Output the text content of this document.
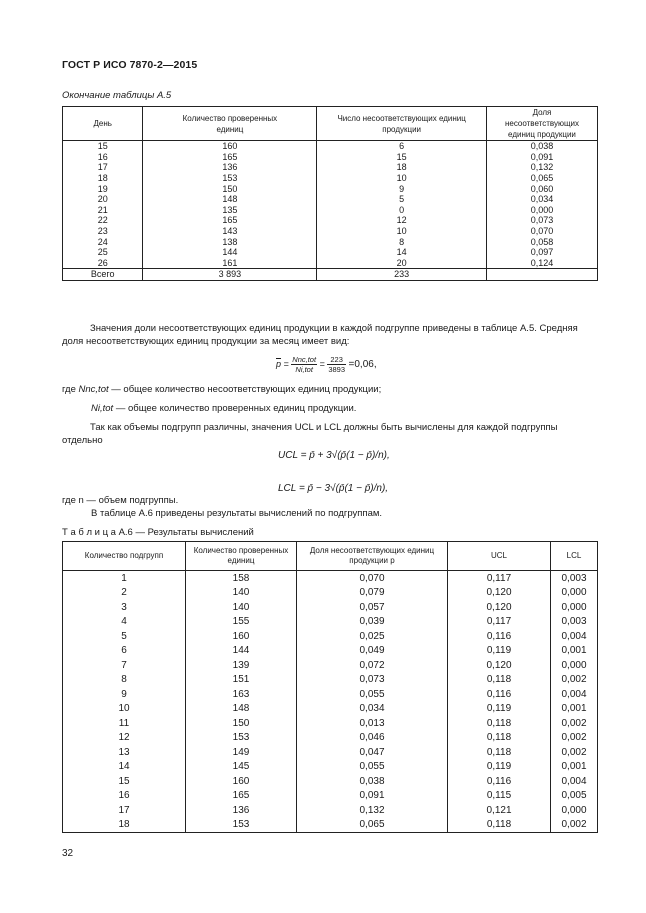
ГОСТ Р ИСО 7870-2—2015
Окончание таблицы А.5
День	Количество проверенных единиц	Число несоответствующих единиц продукции	Доля несоответствующих единиц продукции
15	160	6	0,038
16	165	15	0,091
17	136	18	0,132
18	153	10	0,065
19	150	9	0,060
20	148	5	0,034
21	135	0	0,000
22	165	12	0,073
23	143	10	0,070
24	138	8	0,058
25	144	14	0,097
26	161	20	0,124
Всего	3 893	233	
Значения доли несоответствующих единиц продукции в каждой подгруппе приведены в таблице А.5. Средняя доля несоответствующих единиц продукции за месяц имеет вид:
$\overline{p} = \frac{\text{Nnc,tot}}{\text{Ni,tot}} = \frac{223}{3893} =0,06$,
где Nnc,tot — общее количество несоответствующих единиц продукции;
Ni,tot — общее количество проверенных единиц продукции.
Так как объемы подгрупп различны, значения UCL и LCL должны быть вычислены для каждой подгруппы отдельно
UCL = p̄ + 3√(p̄(1 − p̄)/n),
LCL = p̄ − 3√(p̄(1 − p̄)/n),
где n — объем подгруппы.
В таблице А.6 приведены результаты вычислений по подгруппам.
Т а б л и ц а А.6 — Результаты вычислений
Количество подгрупп	Количество проверенных единиц	Доля несоответствующих единиц продукции p	UCL	LCL
1	158	0,070	0,117	0,003
2	140	0,079	0,120	0,000
3	140	0,057	0,120	0,000
4	155	0,039	0,117	0,003
5	160	0,025	0,116	0,004
6	144	0,049	0,119	0,001
7	139	0,072	0,120	0,000
8	151	0,073	0,118	0,002
9	163	0,055	0,116	0,004
10	148	0,034	0,119	0,001
11	150	0,013	0,118	0,002
12	153	0,046	0,118	0,002
13	149	0,047	0,118	0,002
14	145	0,055	0,119	0,001
15	160	0,038	0,116	0,004
16	165	0,091	0,115	0,005
17	136	0,132	0,121	0,000
18	153	0,065	0,118	0,002
32
